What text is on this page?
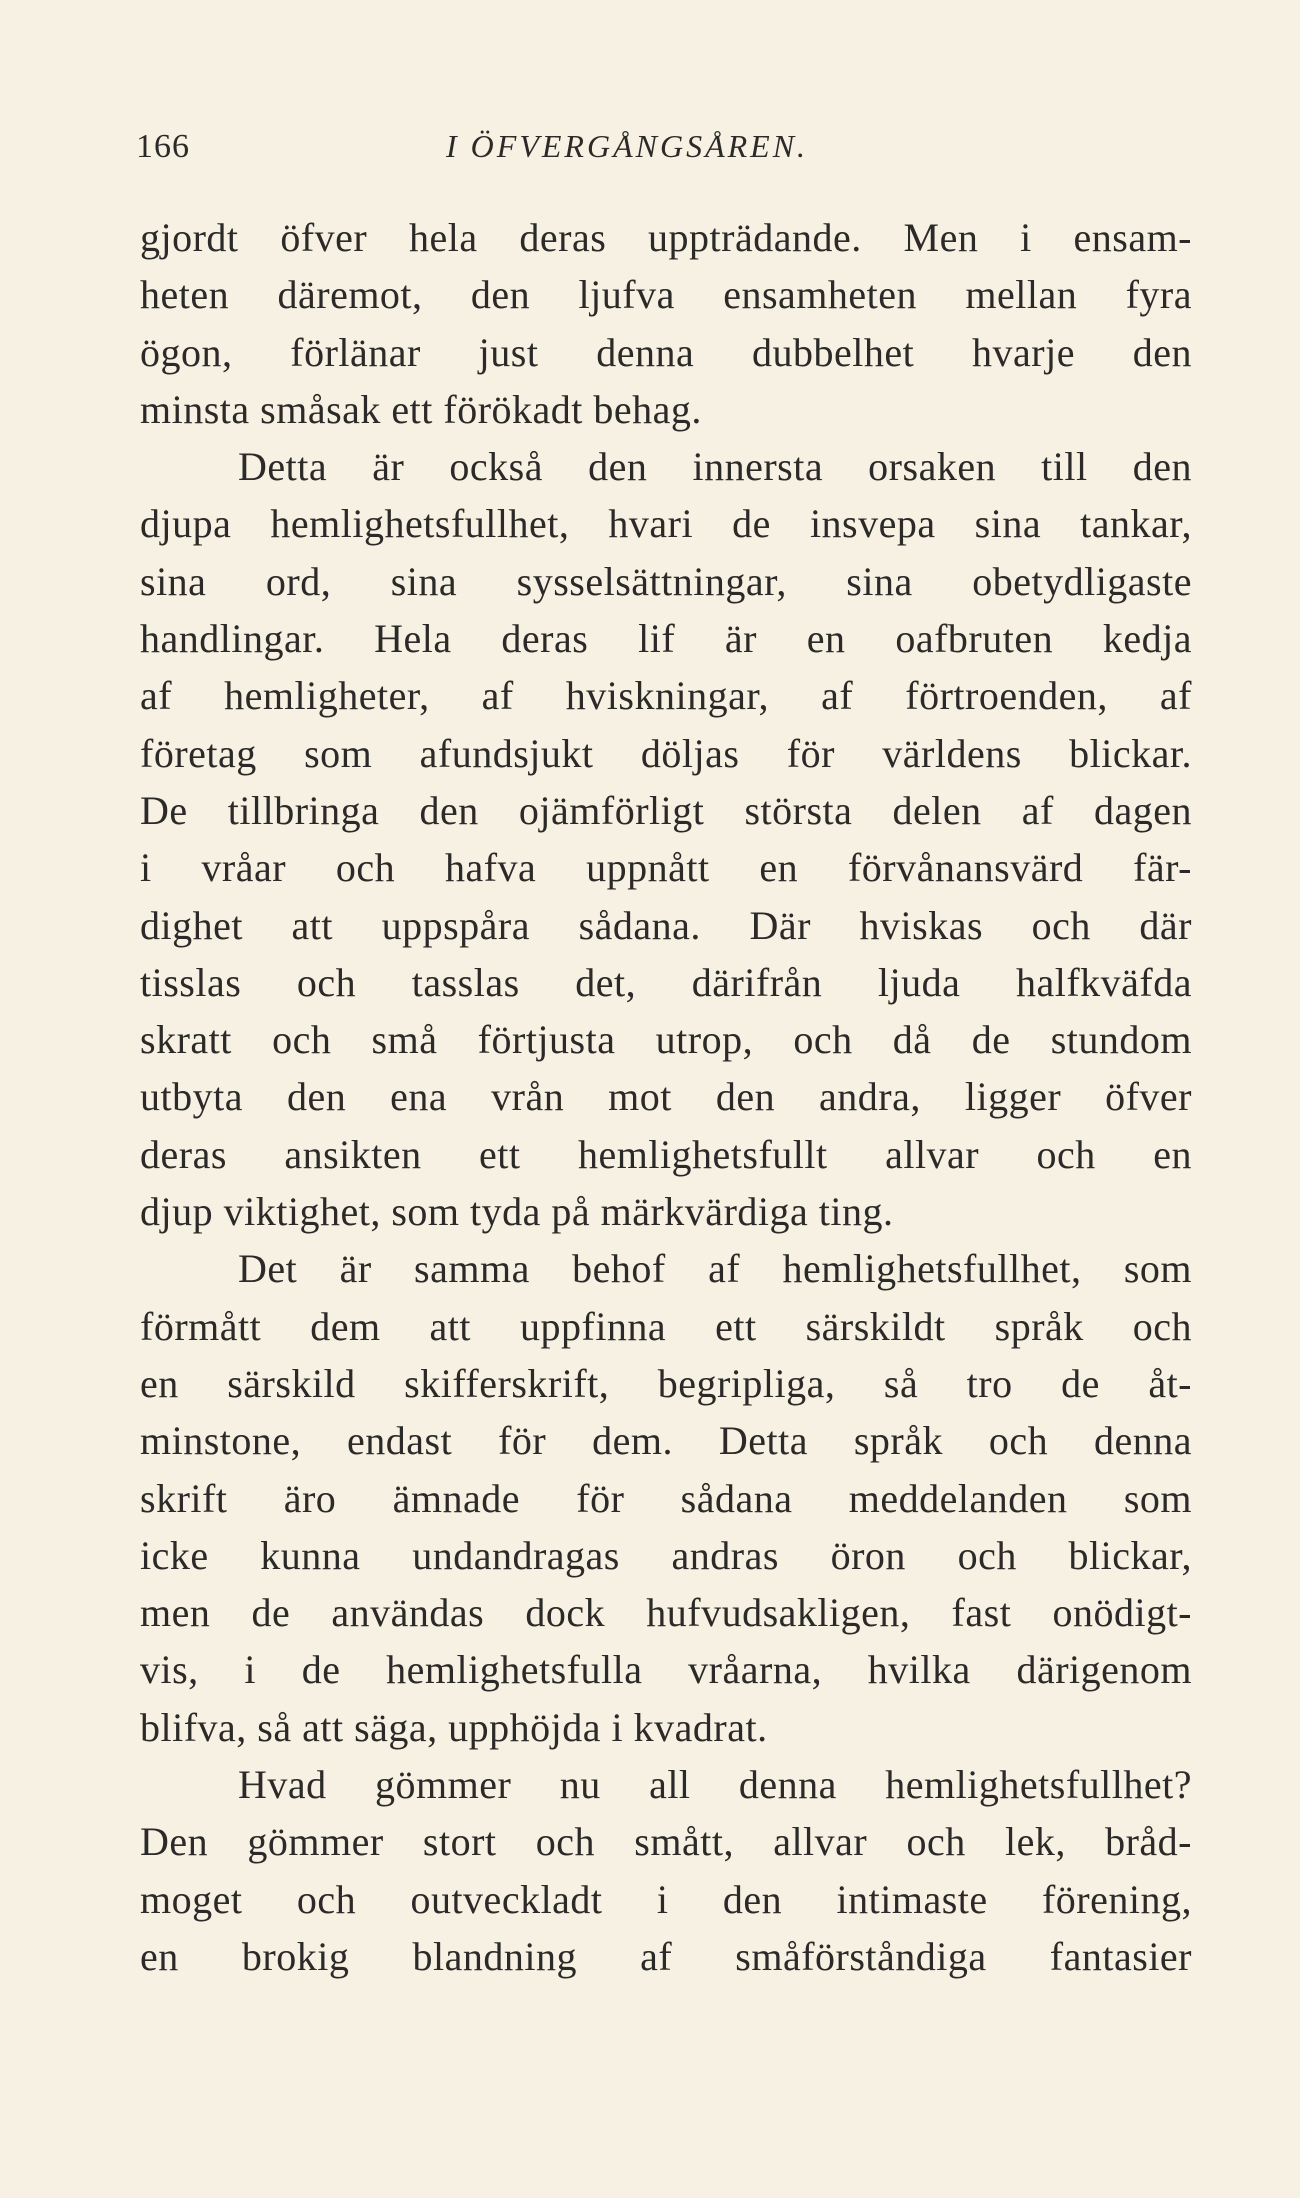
166	I ÖFVERGÅNGSÅREN.
gjordt öfver hela deras uppträdande. Men i ensam-
heten däremot, den ljufva ensamheten mellan fyra
ögon, förlänar just denna dubbelhet hvarje den
minsta småsak ett förökadt behag.
Detta är också den innersta orsaken till den
djupa hemlighetsfullhet, hvari de insvepa sina tankar,
sina ord, sina sysselsättningar, sina obetydligaste
handlingar. Hela deras lif är en oafbruten kedja
af hemligheter, af hviskningar, af förtroenden, af
företag som afundsjukt döljas för världens blickar.
De tillbringa den ojämförligt största delen af dagen
i vråar och hafva uppnått en förvånansvärd fär-
dighet att uppspåra sådana. Där hviskas och där
tisslas och tasslas det, därifrån ljuda halfkväfda
skratt och små förtjusta utrop, och då de stundom
utbyta den ena vrån mot den andra, ligger öfver
deras ansikten ett hemlighetsfullt allvar och en
djup viktighet, som tyda på märkvärdiga ting.
Det är samma behof af hemlighetsfullhet, som
förmått dem att uppfinna ett särskildt språk och
en särskild skifferskrift, begripliga, så tro de åt-
minstone, endast för dem. Detta språk och denna
skrift äro ämnade för sådana meddelanden som
icke kunna undandragas andras öron och blickar,
men de användas dock hufvudsakligen, fast onödigt-
vis, i de hemlighetsfulla vråarna, hvilka därigenom
blifva, så att säga, upphöjda i kvadrat.
Hvad gömmer nu all denna hemlighetsfullhet?
Den gömmer stort och smått, allvar och lek, bråd-
moget och outveckladt i den intimaste förening,
en brokig blandning af småförståndiga fantasier
